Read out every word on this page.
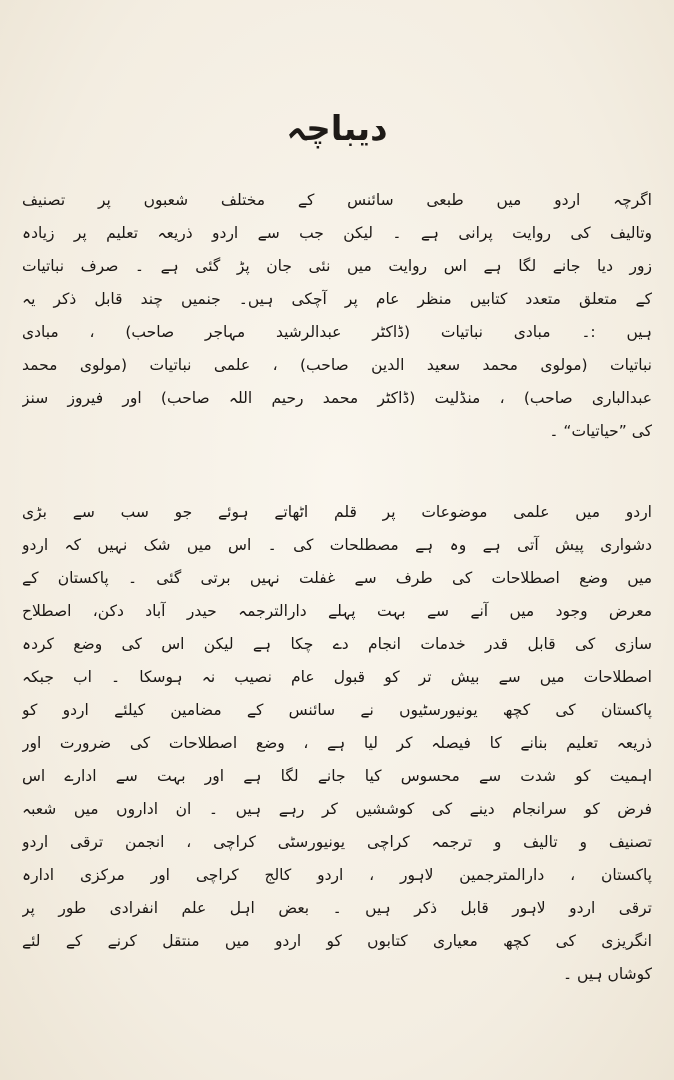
دیباچہ
اگرچہ اردو میں طبعی سائنس کے مختلف شعبوں پر تصنیف
وتالیف کی روایت پرانی ہے ۔ لیکن جب سے اردو ذریعہ تعلیم پر زیادہ
زور دیا جانے لگا ہے اس روایت میں نئی جان پڑ گئی ہے ۔ صرف نباتیات
کے متعلق متعدد کتابیں منظر عام پر آچکی ہیں۔ جنمیں چند قابل ذکر یہ
ہیں :۔ مبادی نباتیات (ڈاکٹر عبدالرشید مہاجر صاحب) ، مبادی
نباتیات (مولوی محمد سعید الدین صاحب) ، علمی نباتیات (مولوی محمد
عبدالباری صاحب) ، منڈلیت (ڈاکٹر محمد رحیم اللہ صاحب) اور فیروز سنز
کی ”حیاتیات“ ۔
اردو میں علمی موضوعات پر قلم اٹھاتے ہوئے جو سب سے بڑی
دشواری پیش آتی ہے وہ ہے مصطلحات کی ۔ اس میں شک نہیں کہ اردو
میں وضع اصطلاحات کی طرف سے غفلت نہیں برتی گئی ۔ پاکستان کے
معرض وجود میں آنے سے بہت پہلے دارالترجمہ حیدر آباد دکن، اصطلاح
سازی کی قابل قدر خدمات انجام دے چکا ہے لیکن اس کی وضع کردہ
اصطلاحات میں سے بیش تر کو قبول عام نصیب نہ ہوسکا ۔ اب جبکہ
پاکستان کی کچھ یونیورسٹیوں نے سائنس کے مضامین کیلئے اردو کو
ذریعہ تعلیم بنانے کا فیصلہ کر لیا ہے ، وضع اصطلاحات کی ضرورت اور
اہمیت کو شدت سے محسوس کیا جانے لگا ہے اور بہت سے ادارے اس
فرض کو سرانجام دینے کی کوششیں کر رہے ہیں ۔ ان اداروں میں شعبہ
تصنیف و تالیف و ترجمہ کراچی یونیورسٹی کراچی ، انجمن ترقی اردو
پاکستان ، دارالمترجمین لاہور ، اردو کالج کراچی اور مرکزی ادارہ
ترقی اردو لاہور قابل ذکر ہیں ۔ بعض اہل علم انفرادی طور پر
انگریزی کی کچھ معیاری کتابوں کو اردو میں منتقل کرنے کے لئے
کوشاں ہیں ۔
